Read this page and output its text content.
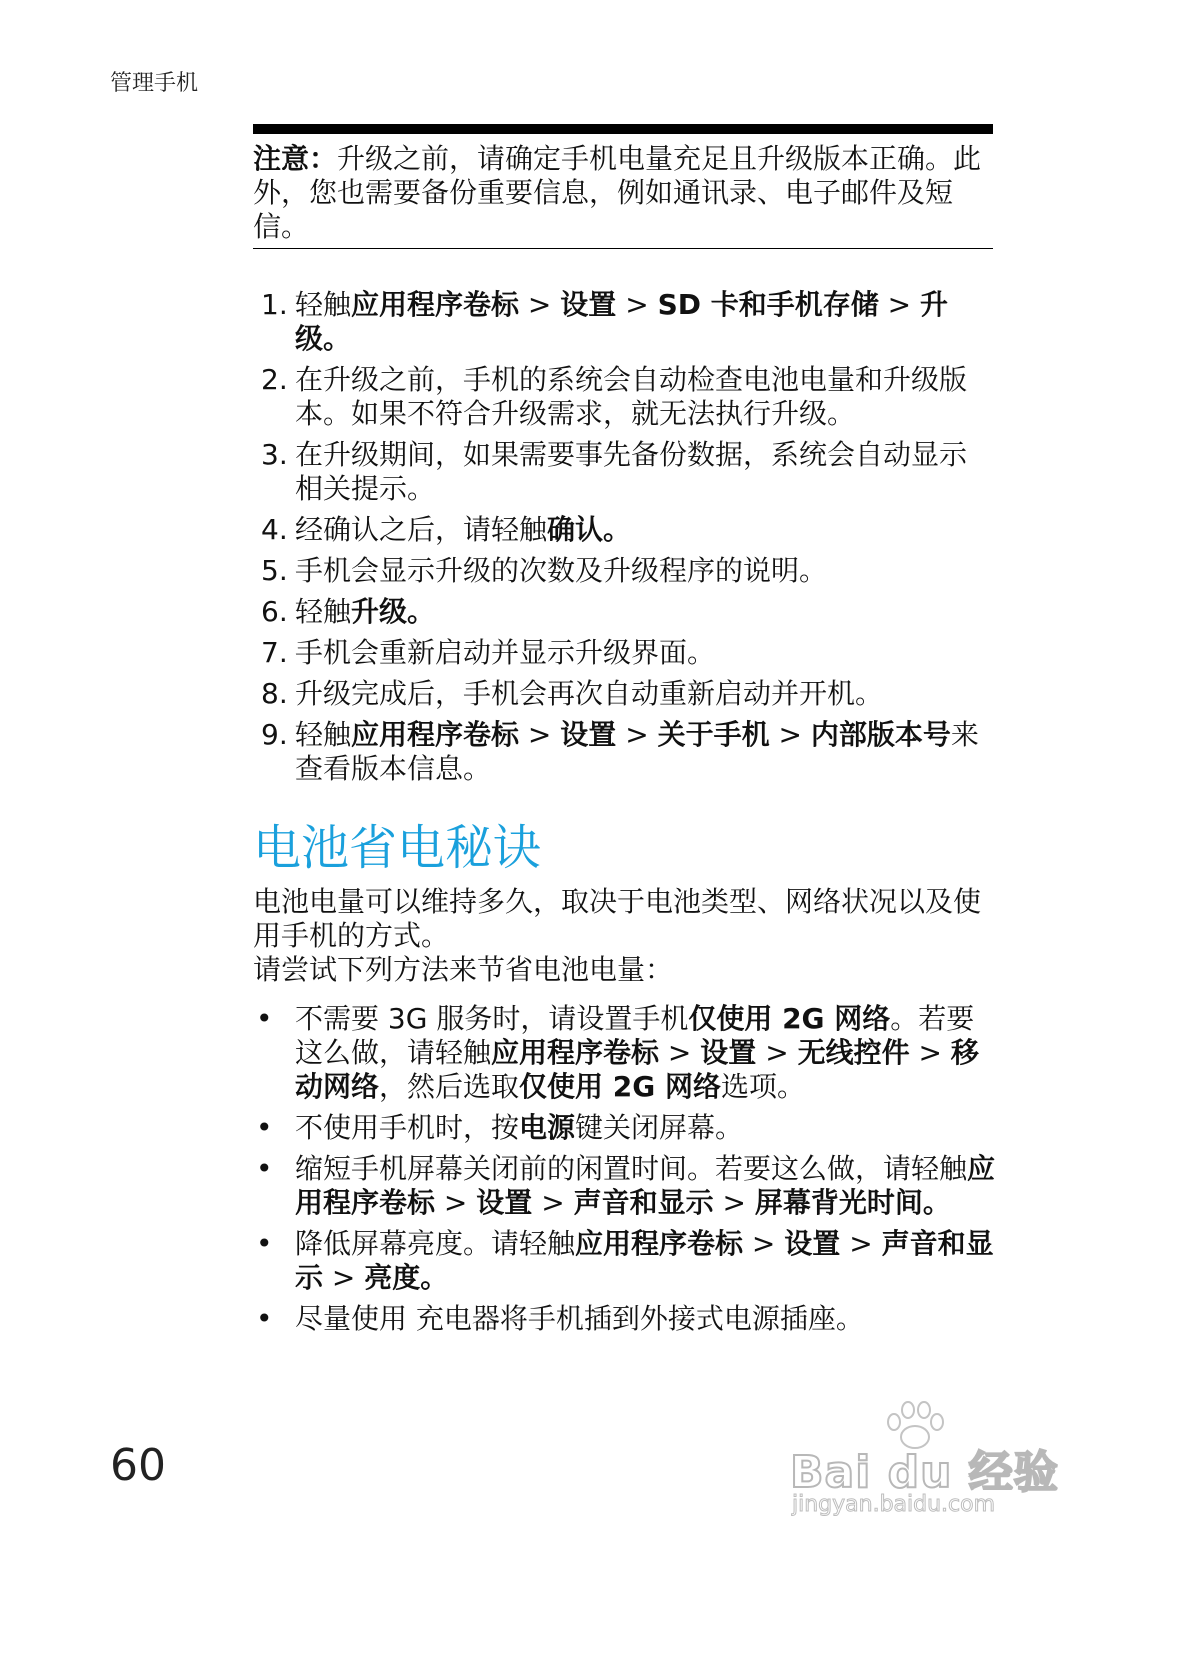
管理手机
注意：升级之前，请确定手机电量充足且升级版本正确。此外，您也需要备份重要信息，例如通讯录、电子邮件及短信。
1. 轻触应用程序卷标 > 设置 > SD 卡和手机存储 > 升级。
2. 在升级之前，手机的系统会自动检查电池电量和升级版本。如果不符合升级需求，就无法执行升级。
3. 在升级期间，如果需要事先备份数据，系统会自动显示相关提示。
4. 经确认之后，请轻触确认。
5. 手机会显示升级的次数及升级程序的说明。
6. 轻触升级。
7. 手机会重新启动并显示升级界面。
8. 升级完成后，手机会再次自动重新启动并开机。
9. 轻触应用程序卷标 > 设置 > 关于手机 > 内部版本号来查看版本信息。
电池省电秘诀
电池电量可以维持多久，取决于电池类型、网络状况以及使用手机的方式。
请尝试下列方法来节省电池电量：
• 不需要 3G 服务时，请设置手机仅使用 2G 网络。若要这么做，请轻触应用程序卷标 > 设置 > 无线控件 > 移动网络，然后选取仅使用 2G 网络选项。
• 不使用手机时，按电源键关闭屏幕。
• 缩短手机屏幕关闭前的闲置时间。若要这么做，请轻触应用程序卷标 > 设置 > 声音和显示 > 屏幕背光时间。
• 降低屏幕亮度。请轻触应用程序卷标 > 设置 > 声音和显示 > 亮度。
• 尽量使用 充电器将手机插到外接式电源插座。
60	Bai du 经验
jingyan.baidu.com
